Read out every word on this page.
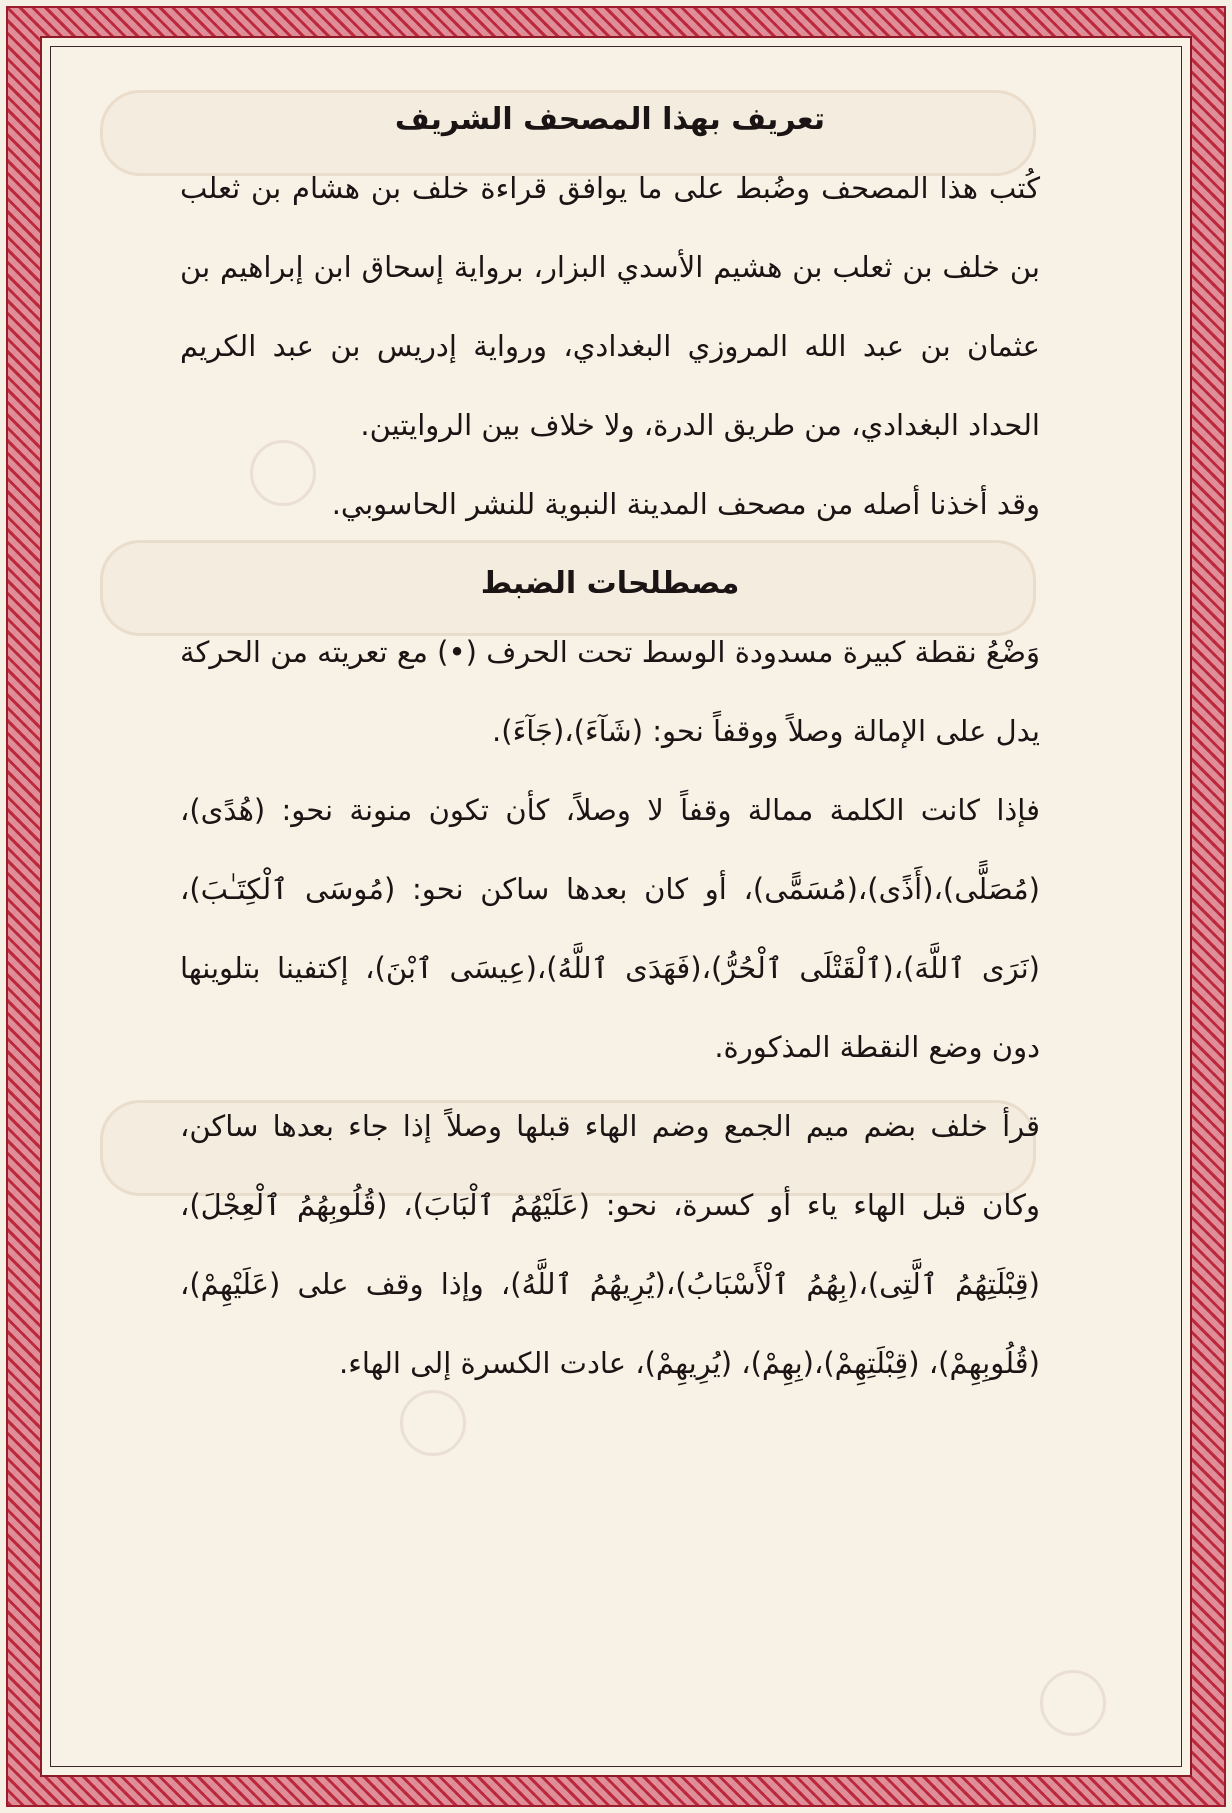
تعريف بهذا المصحف الشريف

كُتب هذا المصحف وضُبط على ما يوافق قراءة خلف بن هشام بن ثعلب بن خلف بن ثعلب بن هشيم الأسدي البزار، برواية إسحاق ابن إبراهيم بن عثمان بن عبد الله المروزي البغدادي، ورواية إدريس بن عبد الكريم الحداد البغدادي، من طريق الدرة، ولا خلاف بين الروايتين.

وقد أخذنا أصله من مصحف المدينة النبوية للنشر الحاسوبي.

مصطلحات الضبط

وَضْعُ نقطة كبيرة مسدودة الوسط تحت الحرف (•) مع تعريته من الحركة يدل على الإمالة وصلاً ووقفاً نحو: (شَآءَ)،(جَآءَ).

فإذا كانت الكلمة ممالة وقفاً لا وصلاً، كأن تكون منونة نحو: (هُدًى)،(مُصَلًّى)،(أَذًى)،(مُسَمًّى)، أو كان بعدها ساكن نحو: (مُوسَى ٱلْكِتَـٰبَ)،(نَرَى ٱللَّهَ)،(ٱلْقَتْلَى ٱلْحُرُّ)،(فَهَدَى ٱللَّهُ)،(عِيسَى ٱبْنَ)، إكتفينا بتلوينها دون وضع النقطة المذكورة.

قرأ خلف بضم ميم الجمع وضم الهاء قبلها وصلاً إذا جاء بعدها ساكن، وكان قبل الهاء ياء أو كسرة، نحو: (عَلَيْهُمُ ٱلْبَابَ)، (قُلُوبِهُمُ ٱلْعِجْلَ)،(قِبْلَتِهُمُ ٱلَّتِى)،(بِهُمُ ٱلْأَسْبَابُ)،(يُرِيهُمُ ٱللَّهُ)، وإذا وقف على (عَلَيْهِمْ)، (قُلُوبِهِمْ)، (قِبْلَتِهِمْ)،(بِهِمْ)، (يُرِيهِمْ)، عادت الكسرة إلى الهاء.
